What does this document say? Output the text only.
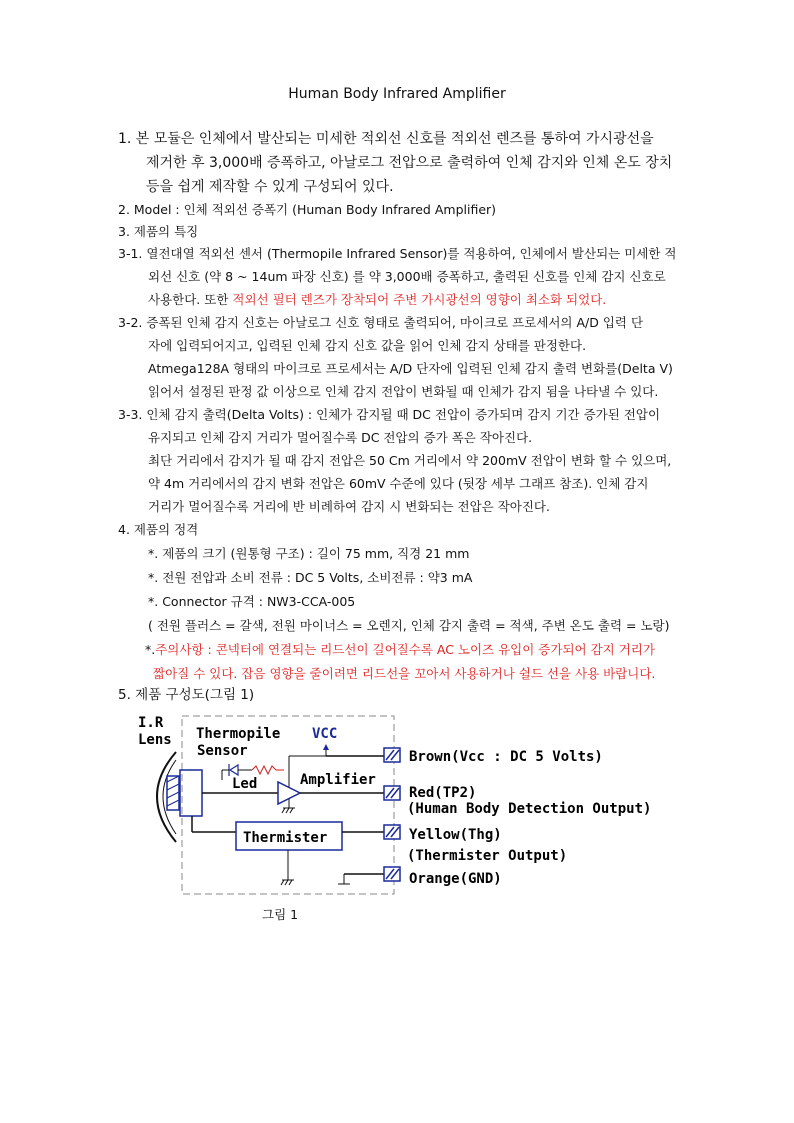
Human Body Infrared Amplifier
1. 본 모듈은 인체에서 발산되는 미세한 적외선 신호를 적외선 렌즈를 통하여 가시광선을
제거한 후 3,000배 증폭하고, 아날로그 전압으로 출력하여 인체 감지와 인체 온도 장치
등을 쉽게 제작할 수 있게 구성되어 있다.
2. Model : 인체 적외선 증폭기 (Human Body Infrared Amplifier)
3. 제품의 특징
3-1. 열전대열 적외선 센서 (Thermopile Infrared Sensor)를 적용하여, 인체에서 발산되는 미세한 적
외선 신호 (약 8 ~ 14um 파장 신호) 를 약 3,000배 증폭하고, 출력된 신호를 인체 감지 신호로
사용한다. 또한 적외선 필터 렌즈가 장착되어 주변 가시광선의 영향이 최소화 되었다.
3-2. 증폭된 인체 감지 신호는 아날로그 신호 형태로 출력되어, 마이크로 프로세서의 A/D 입력 단
자에 입력되어지고, 입력된 인체 감지 신호 값을 읽어 인체 감지 상태를 판정한다.
Atmega128A 형태의 마이크로 프로세서는 A/D 단자에 입력된 인체 감지 출력 변화를(Delta V)
읽어서 설정된 판정 값 이상으로 인체 감지 전압이 변화될 때 인체가 감지 됨을 나타낼 수 있다.
3-3. 인체 감지 출력(Delta Volts) : 인체가 감지될 때 DC 전압이 증가되며 감지 기간 증가된 전압이
유지되고 인체 감지 거리가 멀어질수록 DC 전압의 증가 폭은 작아진다.
최단 거리에서 감지가 될 때 감지 전압은 50 Cm 거리에서 약 200mV 전압이 변화 할 수 있으며,
약 4m 거리에서의 감지 변화 전압은 60mV 수준에 있다 (뒷장 세부 그래프 참조). 인체 감지
거리가 멀어질수록 거리에 반 비례하여 감지 시 변화되는 전압은 작아진다.
4. 제품의 정격
*. 제품의 크기 (원통형 구조) : 길이 75 mm, 직경 21 mm
*. 전원 전압과 소비 전류 : DC 5 Volts, 소비전류 : 약3 mA
*. Connector 규격 : NW3-CCA-005
( 전원 플러스 = 갈색, 전원 마이너스 = 오렌지, 인체 감지 출력 = 적색, 주변 온도 출력 = 노랑)
*.주의사항 : 콘넥터에 연결되는 리드선이 길어질수록 AC 노이즈 유입이 증가되어 감지 거리가
짧아질 수 있다. 잡음 영향을 줄이려면 리드선을 꼬아서 사용하거나 쉴드 선을 사용 바랍니다.
5. 제품 구성도(그림 1)
I.R
Lens Thermopile
Sensor
VCC
Led	Amplifier
Thermister
Brown(Vcc : DC 5 Volts)
Red(TP2)
(Human Body Detection Output)
Yellow(Thg)
(Thermister Output)
Orange(GND)
그림 1
